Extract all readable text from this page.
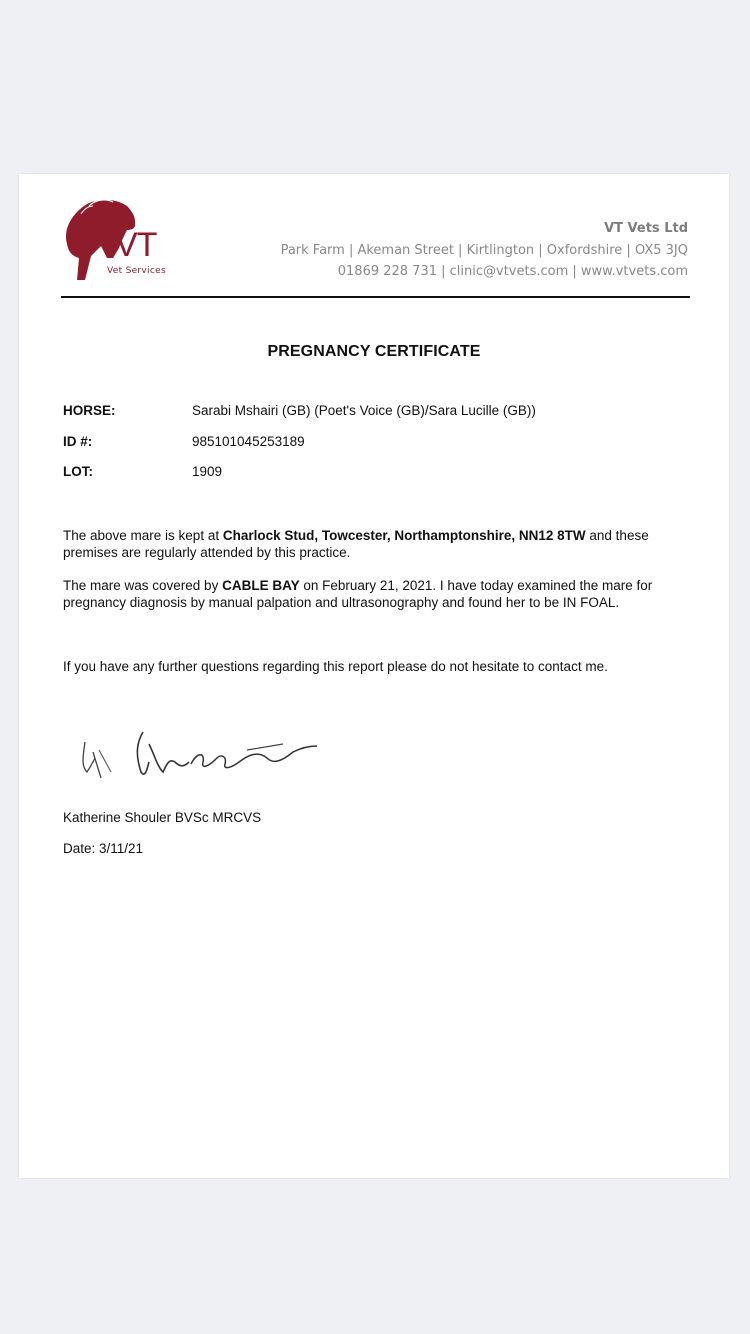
VT
Vet Services
VT Vets Ltd
Park Farm | Akeman Street | Kirtlington | Oxfordshire | OX5 3JQ
01869 228 731 | clinic@vtvets.com | www.vtvets.com
PREGNANCY CERTIFICATE
HORSE:	Sarabi Mshairi (GB) (Poet's Voice (GB)/Sara Lucille (GB))
ID #:	985101045253189
LOT:	1909
The above mare is kept at Charlock Stud, Towcester, Northamptonshire, NN12 8TW and these premises are regularly attended by this practice.
The mare was covered by CABLE BAY on February 21, 2021. I have today examined the mare for pregnancy diagnosis by manual palpation and ultrasonography and found her to be IN FOAL.
If you have any further questions regarding this report please do not hesitate to contact me.
Katherine Shouler BVSc MRCVS
Date: 3/11/21
